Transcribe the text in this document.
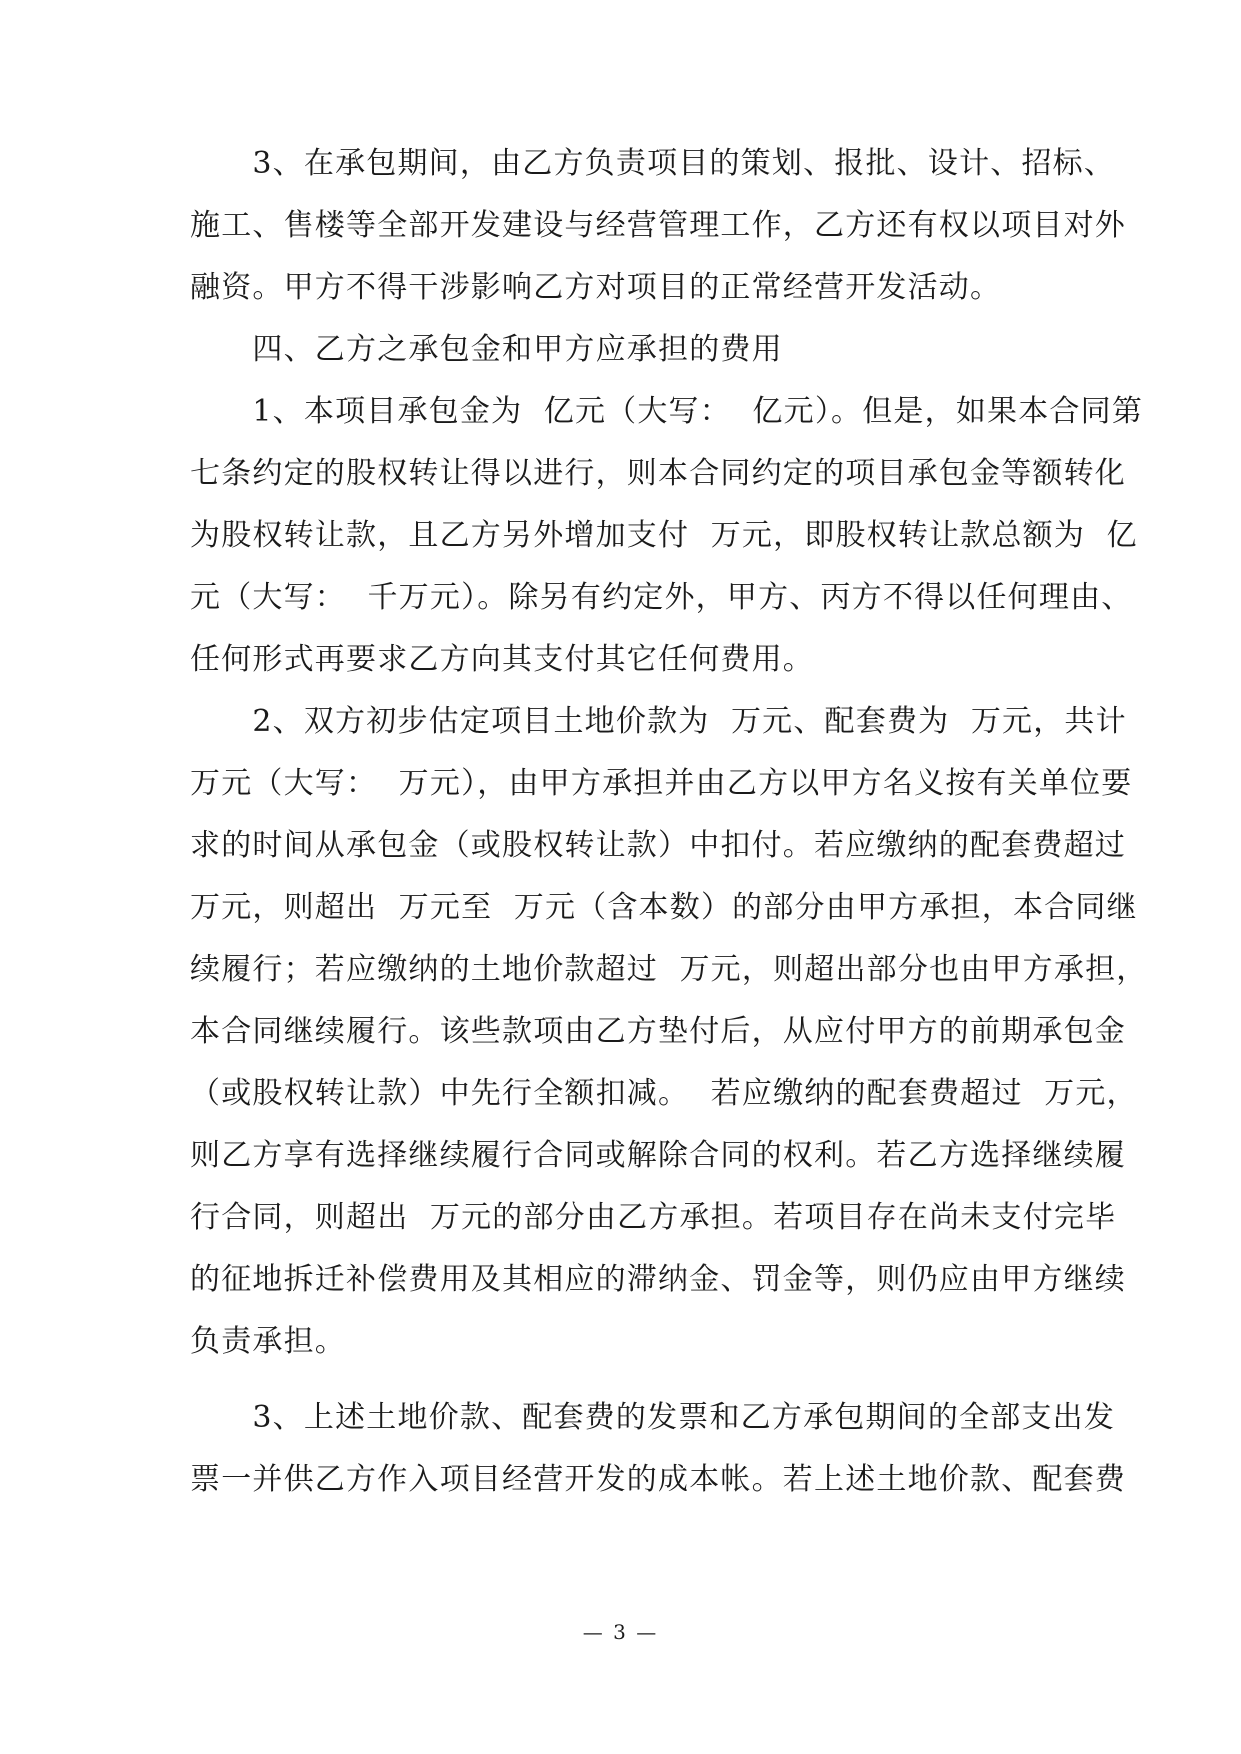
　　3、在承包期间，由乙方负责项目的策划、报批、设计、招标、
施工、售楼等全部开发建设与经营管理工作，乙方还有权以项目对外
融资。甲方不得干涉影响乙方对项目的正常经营开发活动。
　　四、乙方之承包金和甲方应承担的费用
　　1、本项目承包金为  亿元（大写：  亿元）。但是，如果本合同第
七条约定的股权转让得以进行，则本合同约定的项目承包金等额转化
为股权转让款，且乙方另外增加支付  万元，即股权转让款总额为  亿
元（大写：  千万元）。除另有约定外，甲方、丙方不得以任何理由、
任何形式再要求乙方向其支付其它任何费用。
　　2、双方初步估定项目土地价款为  万元、配套费为  万元，共计
万元（大写：  万元），由甲方承担并由乙方以甲方名义按有关单位要
求的时间从承包金（或股权转让款）中扣付。若应缴纳的配套费超过
万元，则超出  万元至  万元（含本数）的部分由甲方承担，本合同继
续履行；若应缴纳的土地价款超过  万元，则超出部分也由甲方承担，
本合同继续履行。该些款项由乙方垫付后，从应付甲方的前期承包金
（或股权转让款）中先行全额扣减。  若应缴纳的配套费超过  万元，
则乙方享有选择继续履行合同或解除合同的权利。若乙方选择继续履
行合同，则超出  万元的部分由乙方承担。若项目存在尚未支付完毕
的征地拆迁补偿费用及其相应的滞纳金、罚金等，则仍应由甲方继续
负责承担。
　　3、上述土地价款、配套费的发票和乙方承包期间的全部支出发
票一并供乙方作入项目经营开发的成本帐。若上述土地价款、配套费
— 3 —
